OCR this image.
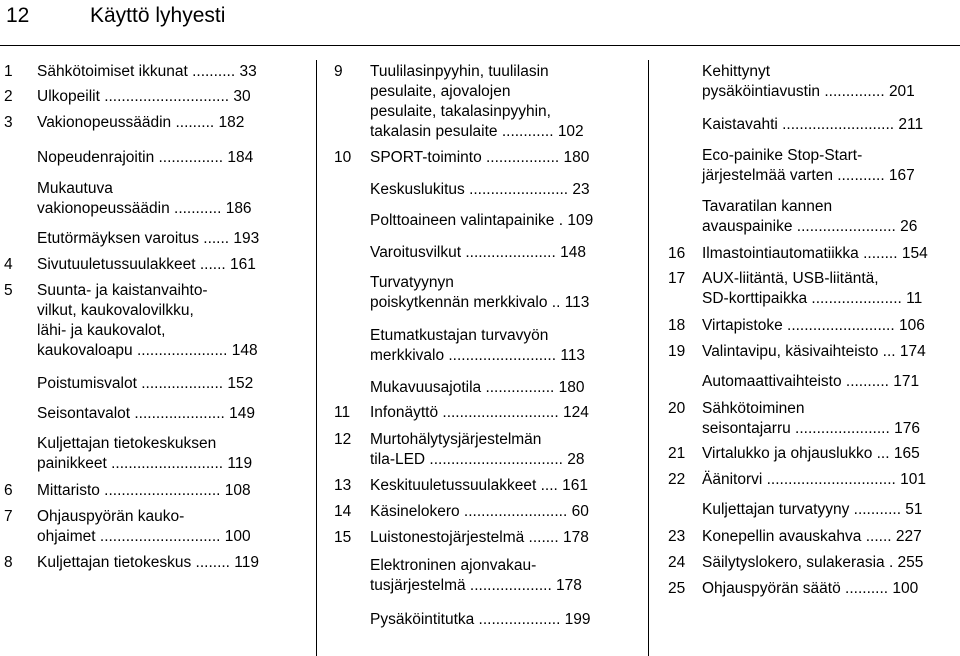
12	Käyttö lyhyesti
1 Sähkötoimiset ikkunat .......... 33
2 Ulkopeilit ............................. 30
3 Vakionopeussäädin ......... 182
Nopeudenrajoitin ............... 184
Mukautuva
vakionopeussäädin ........... 186
Etutörmäyksen varoitus ...... 193
4 Sivutuuletussuulakkeet ...... 161
5 Suunta- ja kaistanvaihto-
vilkut, kaukovalovilkku,
lähi- ja kaukovalot,
kaukovaloapu ..................... 148
Poistumisvalot ................... 152
Seisontavalot ..................... 149
Kuljettajan tietokeskuksen
painikkeet .......................... 119
6 Mittaristo ........................... 108
7 Ohjauspyörän kauko-
ohjaimet ............................ 100
8 Kuljettajan tietokeskus ........ 119
9 Tuulilasinpyyhin, tuulilasin
pesulaite, ajovalojen
pesulaite, takalasinpyyhin,
takalasin pesulaite ............ 102
10 SPORT-toiminto ................. 180
Keskuslukitus ....................... 23
Polttoaineen valintapainike . 109
Varoitusvilkut ..................... 148
Turvatyynyn
poiskytkennän merkkivalo .. 113
Etumatkustajan turvavyön
merkkivalo ......................... 113
Mukavuusajotila ................ 180
11 Infonäyttö ........................... 124
12 Murtohälytysjärjestelmän
tila-LED ............................... 28
13 Keskituuletussuulakkeet .... 161
14 Käsinelokero ........................ 60
15 Luistonestojärjestelmä ....... 178
Elektroninen ajonvakau-
tusjärjestelmä ................... 178
Pysäköintitutka ................... 199
Kehittynyt
pysäköintiavustin .............. 201
Kaistavahti .......................... 211
Eco-painike Stop-Start-
järjestelmää varten ........... 167
Tavaratilan kannen
avauspainike ....................... 26
16 Ilmastointiautomatiikka ........ 154
17 AUX-liitäntä, USB-liitäntä,
SD-korttipaikka ..................... 11
18 Virtapistoke ......................... 106
19 Valintavipu, käsivaihteisto ... 174
Automaattivaihteisto .......... 171
20 Sähkötoiminen
seisontajarru ...................... 176
21 Virtalukko ja ohjauslukko ... 165
22 Äänitorvi .............................. 101
Kuljettajan turvatyyny ........... 51
23 Konepellin avauskahva ...... 227
24 Säilytyslokero, sulakerasia . 255
25 Ohjauspyörän säätö .......... 100
